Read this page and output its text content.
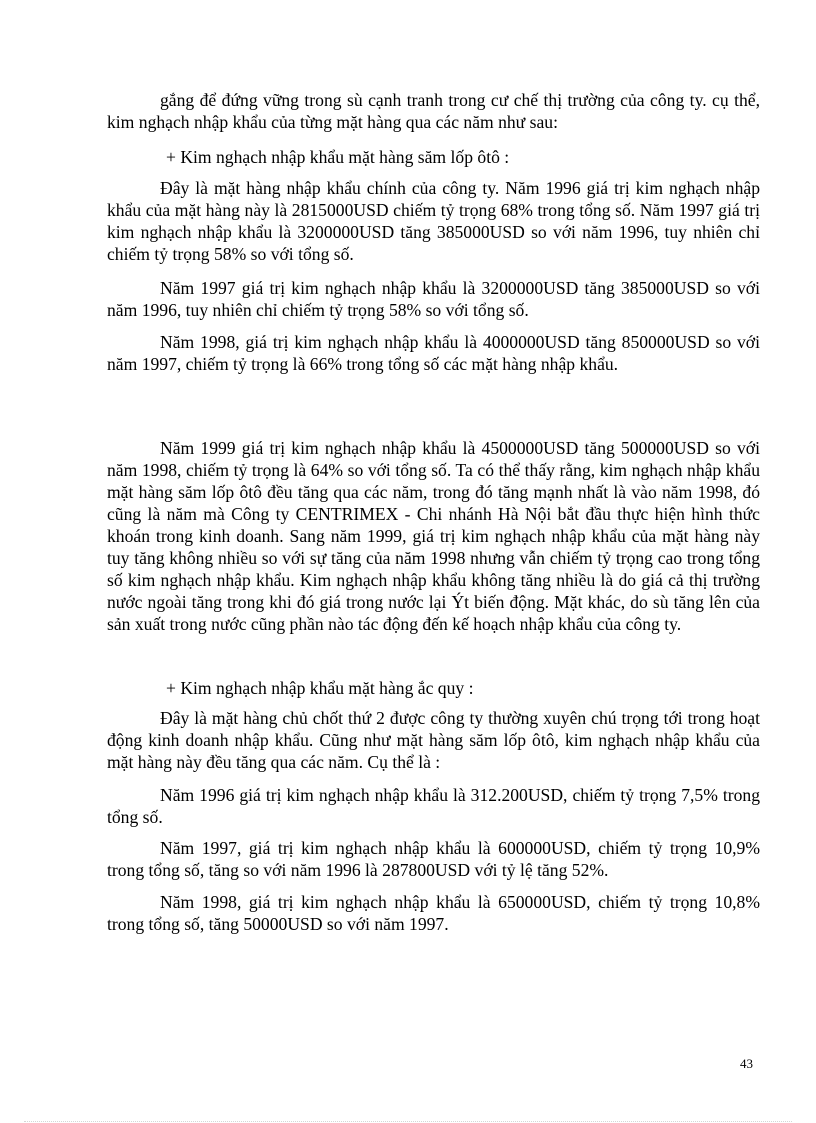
gắng để đứng vững trong sù cạnh tranh trong cư chế thị trường của công ty. cụ thể, kim nghạch nhập khẩu của từng mặt hàng qua các năm như sau:

+ Kim nghạch nhập khẩu mặt hàng săm lốp ôtô :

Đây là mặt hàng nhập khẩu chính của công ty. Năm 1996 giá trị kim nghạch nhập khẩu của mặt hàng này là 2815000USD chiếm tỷ trọng 68% trong tổng số. Năm 1997 giá trị kim nghạch nhập khẩu là 3200000USD tăng 385000USD so với năm 1996, tuy nhiên chỉ chiếm tỷ trọng 58% so với tổng số.

Năm 1997 giá trị kim nghạch nhập khẩu là 3200000USD tăng 385000USD so với năm 1996, tuy nhiên chỉ chiếm tỷ trọng 58% so với tổng số.

Năm 1998, giá trị kim nghạch nhập khẩu là 4000000USD tăng 850000USD so với năm 1997, chiếm tỷ trọng là 66% trong tổng số các mặt hàng nhập khẩu.

Năm 1999 giá trị kim nghạch nhập khẩu là 4500000USD tăng 500000USD so với năm 1998, chiếm tỷ trọng là 64% so với tổng số. Ta có thể thấy rằng, kim nghạch nhập khẩu mặt hàng săm lốp ôtô đều tăng qua các năm, trong đó tăng mạnh nhất là vào năm 1998, đó cũng là năm mà Công ty CENTRIMEX - Chi nhánh Hà Nội bắt đầu thực hiện hình thức khoán trong kinh doanh. Sang năm 1999, giá trị kim nghạch nhập khẩu của mặt hàng này tuy tăng không nhiều so với sự tăng của năm 1998 nhưng vẫn chiếm tỷ trọng cao trong tổng số kim nghạch nhập khẩu. Kim nghạch nhập khẩu không tăng nhiều là do giá cả thị trường nước ngoài tăng trong khi đó giá trong nước lại Ýt biến động. Mặt khác, do sù tăng lên của sản xuất trong nước cũng phần nào tác động đến kế hoạch nhập khẩu của công ty.

+ Kim nghạch nhập khẩu mặt hàng ắc quy :

Đây là mặt hàng chủ chốt thứ 2 được công ty thường xuyên chú trọng tới trong hoạt động kinh doanh nhập khẩu. Cũng như mặt hàng săm lốp ôtô, kim nghạch nhập khẩu của mặt hàng này đều tăng qua các năm. Cụ thể là :

Năm 1996 giá trị kim nghạch nhập khẩu là 312.200USD, chiếm tỷ trọng 7,5% trong tổng số.

Năm 1997, giá trị kim nghạch nhập khẩu là 600000USD, chiếm tỷ trọng 10,9% trong tổng số, tăng so với năm 1996 là 287800USD với tỷ lệ tăng 52%.

Năm 1998, giá trị kim nghạch nhập khẩu là 650000USD, chiếm tỷ trọng 10,8% trong tổng số, tăng 50000USD so với năm 1997.

43
